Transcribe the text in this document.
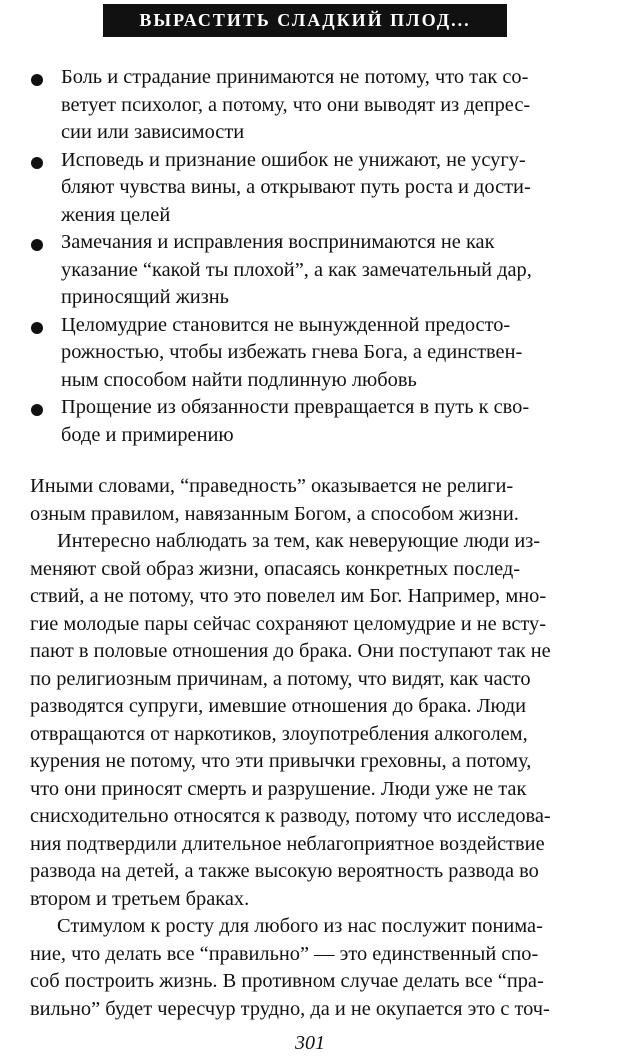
ВЫРАСТИТЬ СЛАДКИЙ ПЛОД...
Боль и страдание принимаются не потому, что так со-
ветует психолог, а потому, что они выводят из депрес-
сии или зависимости
Исповедь и признание ошибок не унижают, не усугу-
бляют чувства вины, а открывают путь роста и дости-
жения целей
Замечания и исправления воспринимаются не как
указание “какой ты плохой”, а как замечательный дар,
приносящий жизнь
Целомудрие становится не вынужденной предосто-
рожностью, чтобы избежать гнева Бога, а единствен-
ным способом найти подлинную любовь
Прощение из обязанности превращается в путь к сво-
боде и примирению
Иными словами, “праведность” оказывается не религи-
озным правилом, навязанным Богом, а способом жизни.
Интересно наблюдать за тем, как неверующие люди из-
меняют свой образ жизни, опасаясь конкретных послед-
ствий, а не потому, что это повелел им Бог. Например, мно-
гие молодые пары сейчас сохраняют целомудрие и не всту-
пают в половые отношения до брака. Они поступают так не
по религиозным причинам, а потому, что видят, как часто
разводятся супруги, имевшие отношения до брака. Люди
отвращаются от наркотиков, злоупотребления алкоголем,
курения не потому, что эти привычки греховны, а потому,
что они приносят смерть и разрушение. Люди уже не так
снисходительно относятся к разводу, потому что исследова-
ния подтвердили длительное неблагоприятное воздействие
развода на детей, а также высокую вероятность развода во
втором и третьем браках.
Стимулом к росту для любого из нас послужит понима-
ние, что делать все “правильно” — это единственный спо-
соб построить жизнь. В противном случае делать все “пра-
вильно” будет чересчур трудно, да и не окупается это с точ-
301
